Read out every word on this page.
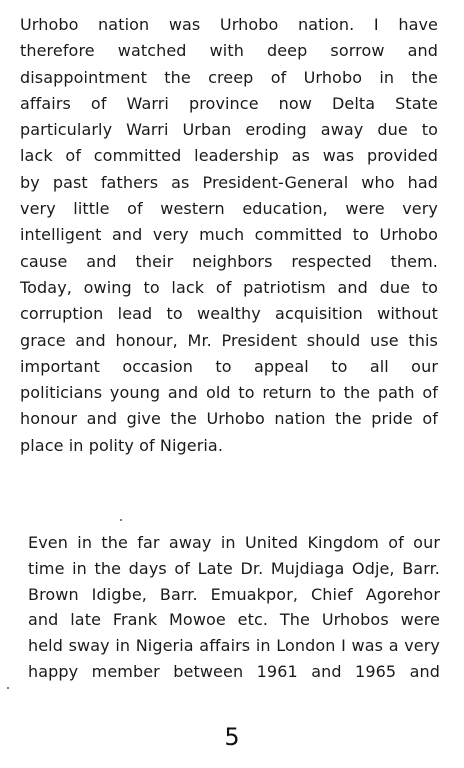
Urhobo nation was Urhobo nation. I have
therefore watched with deep sorrow and
disappointment the creep of Urhobo in the
affairs of Warri province now Delta State
particularly Warri Urban eroding away due to
lack of committed leadership as was provided
by past fathers as President-General who had
very little of western education, were very
intelligent and very much committed to Urhobo
cause and their neighbors respected them.
Today, owing to lack of patriotism and due to
corruption lead to wealthy acquisition without
grace and honour, Mr. President should use this
important occasion to appeal to all our
politicians young and old to return to the path of
honour and give the Urhobo nation the pride of
place in polity of Nigeria.
Even in the far away in United Kingdom of our
time in the days of Late Dr. Mujdiaga Odje, Barr.
Brown Idigbe, Barr. Emuakpor, Chief Agorehor
and late Frank Mowoe etc. The Urhobos were
held sway in Nigeria affairs in London I was a very
happy member between 1961 and 1965 and
5
